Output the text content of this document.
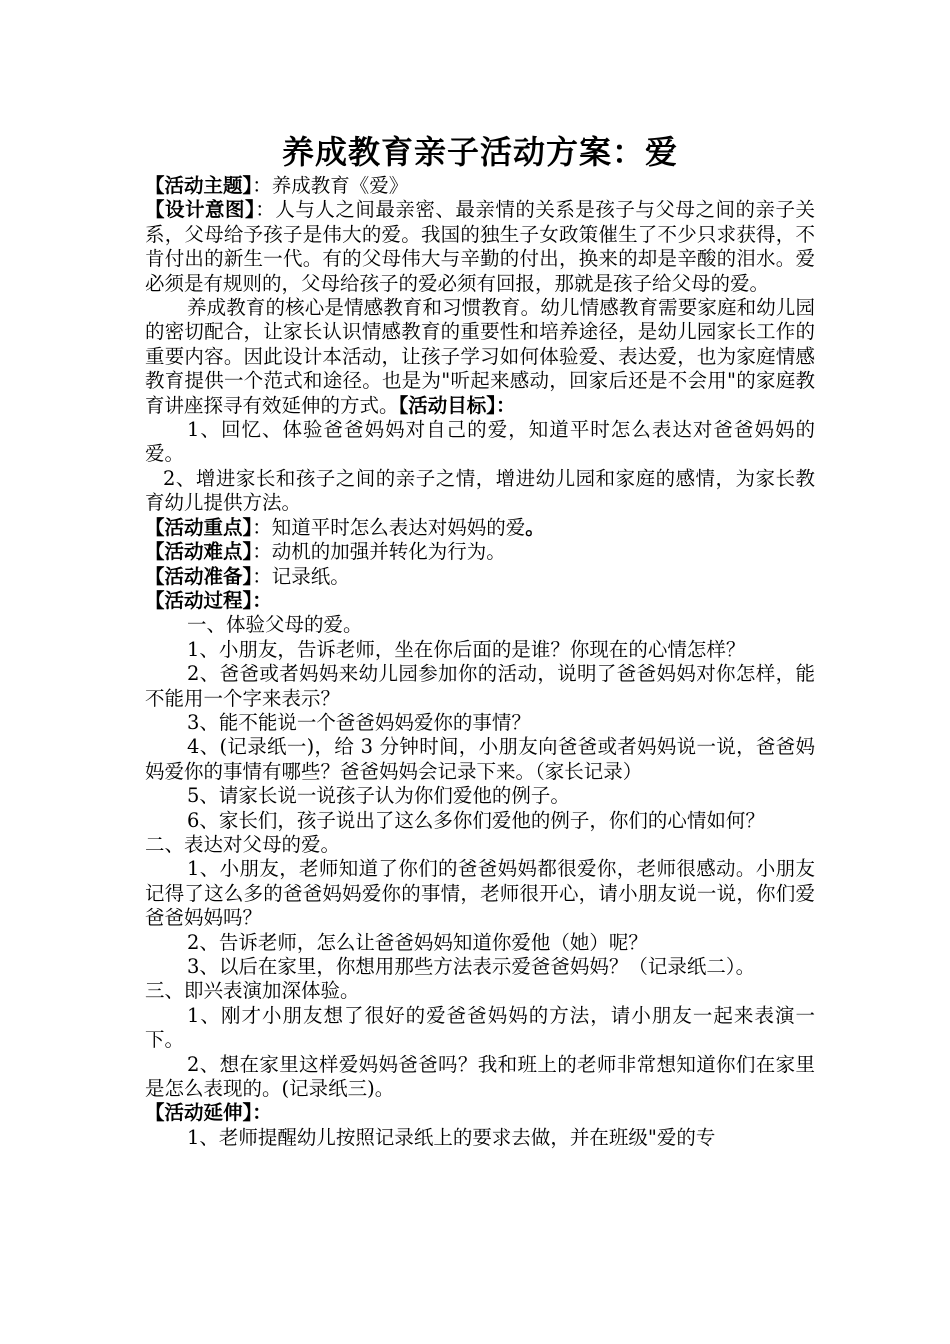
养成教育亲子活动方案：爱

【活动主题】：养成教育《爱》

【设计意图】：人与人之间最亲密、最亲情的关系是孩子与父母之间的亲子关系，父母给予孩子是伟大的爱。我国的独生子女政策催生了不少只求获得，不肯付出的新生一代。有的父母伟大与辛勤的付出，换来的却是辛酸的泪水。爱必须是有规则的，父母给孩子的爱必须有回报，那就是孩子给父母的爱。

养成教育的核心是情感教育和习惯教育。幼儿情感教育需要家庭和幼儿园的密切配合，让家长认识情感教育的重要性和培养途径，是幼儿园家长工作的重要内容。因此设计本活动，让孩子学习如何体验爱、表达爱，也为家庭情感教育提供一个范式和途径。也是为"听起来感动，回家后还是不会用"的家庭教育讲座探寻有效延伸的方式。【活动目标】：

1、回忆、体验爸爸妈妈对自己的爱，知道平时怎么表达对爸爸妈妈的爱。

2、增进家长和孩子之间的亲子之情，增进幼儿园和家庭的感情，为家长教育幼儿提供方法。

【活动重点】：知道平时怎么表达对妈妈的爱。

【活动难点】：动机的加强并转化为行为。

【活动准备】：记录纸。

【活动过程】：

一、体验父母的爱。

1、小朋友，告诉老师，坐在你后面的是谁？你现在的心情怎样？

2、爸爸或者妈妈来幼儿园参加你的活动，说明了爸爸妈妈对你怎样，能不能用一个字来表示？

3、能不能说一个爸爸妈妈爱你的事情？

4、(记录纸一)，给 3 分钟时间，小朋友向爸爸或者妈妈说一说，爸爸妈妈爱你的事情有哪些？爸爸妈妈会记录下来。（家长记录）

5、请家长说一说孩子认为你们爱他的例子。

6、家长们，孩子说出了这么多你们爱他的例子，你们的心情如何？

二、表达对父母的爱。

1、小朋友，老师知道了你们的爸爸妈妈都很爱你，老师很感动。小朋友记得了这么多的爸爸妈妈爱你的事情，老师很开心，请小朋友说一说，你们爱爸爸妈妈吗？

2、告诉老师，怎么让爸爸妈妈知道你爱他（她）呢？

3、以后在家里，你想用那些方法表示爱爸爸妈妈？（记录纸二）。

三、即兴表演加深体验。

1、刚才小朋友想了很好的爱爸爸妈妈的方法，请小朋友一起来表演一下。

2、想在家里这样爱妈妈爸爸吗？我和班上的老师非常想知道你们在家里是怎么表现的。(记录纸三)。

【活动延伸】：

1、老师提醒幼儿按照记录纸上的要求去做，并在班级"爱的专
